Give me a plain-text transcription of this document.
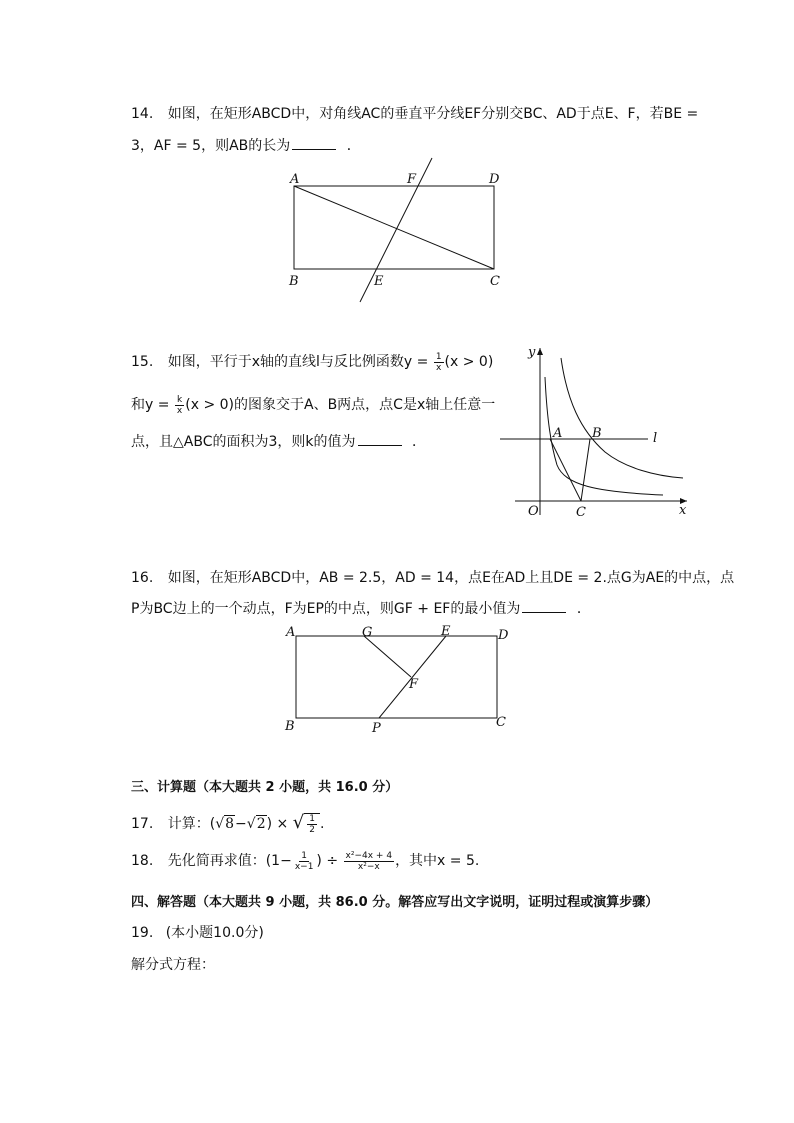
14. 如图，在矩形ABCD中，对角线AC的垂直平分线EF分别交BC、AD于点E、F，若BE =
3，AF = 5，则AB的长为	．
A	F	D
B	E	C
15. 如图，平行于x轴的直线l与反比例函数$y = \frac{1}{x} (x > 0)$
和$y = \frac{k}{x} (x > 0)$的图象交于A、B两点，点C是x轴上任意一
点，且△ABC的面积为3，则k的值为	．
y
x
O
A B
C
l
16. 如图，在矩形ABCD中，AB = 2.5，AD = 14，点E在AD上且DE = 2.点G为AE的中点，点
P为BC边上的一个动点，F为EP的中点，则GF + EF的最小值为	．
A	G	E	D
F
B	P	C
三、计算题（本大题共 2 小题，共 16.0 分）
17. 计算：(√8−√2) × √ $\frac{1}{2}$ .
18. 先化简再求值：($1- \frac{1}{x-1}$ ) ÷ $\frac{\text{x²−4x + 4}}{\text{x²−x}}$ ，其中x = 5.
四、解答题（本大题共 9 小题，共 86.0 分。解答应写出文字说明，证明过程或演算步骤）
19. (本小题10.0分)
解分式方程：
